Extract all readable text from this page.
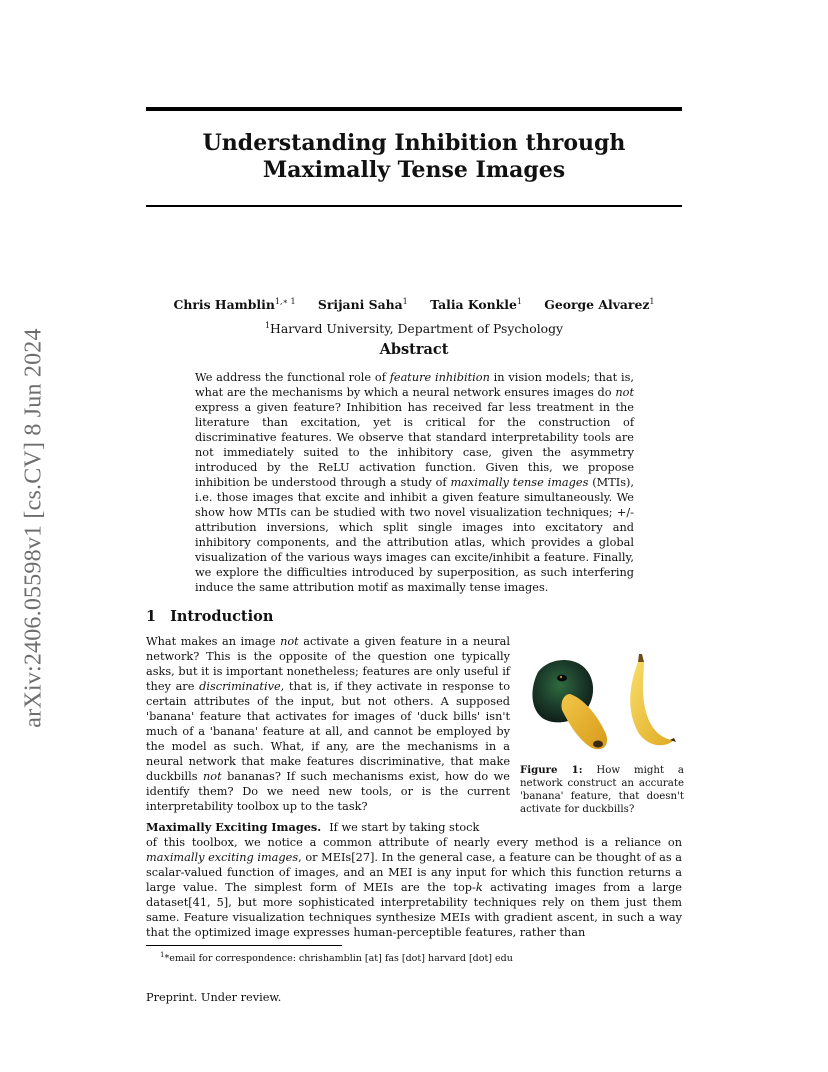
Understanding Inhibition through Maximally Tense Images
arXiv:2406.05598v1 [cs.CV] 8 Jun 2024
Chris Hamblin$^{1,∗ 1}$ Srijani Saha$^1$ Talia Konkle$^1$ George Alvarez$^1$
$^1$Harvard University, Department of Psychology
Abstract
We address the functional role of feature inhibition in vision models; that is, what are the mechanisms by which a neural network ensures images do not express a given feature? Inhibition has received far less treatment in the literature than excitation, yet is critical for the construction of discriminative features. We observe that standard interpretability tools are not immediately suited to the inhibitory case, given the asymmetry introduced by the ReLU activation function. Given this, we propose inhibition be understood through a study of maximally tense images (MTIs), i.e. those images that excite and inhibit a given feature simultaneously. We show how MTIs can be studied with two novel visualization techniques; +/- attribution inversions, which split single images into excitatory and inhibitory components, and the attribution atlas, which provides a global visualization of the various ways images can excite/inhibit a feature. Finally, we explore the difficulties introduced by superposition, as such interfering induce the same attribution motif as maximally tense images.
1 Introduction
What makes an image not activate a given feature in a neural network? This is the opposite of the question one typically asks, but it is important nonetheless; features are only useful if they are discriminative, that is, if they activate in response to certain attributes of the input, but not others. A supposed 'banana' feature that activates for images of 'duck bills' isn't much of a 'banana' feature at all, and cannot be employed by the model as such. What, if any, are the mechanisms in a neural network that make features discriminative, that make duckbills not bananas? If such mechanisms exist, how do we identify them? Do we need new tools, or is the current interpretability toolbox up to the task?
Figure 1: How might a network construct an accurate 'banana' feature, that doesn't activate for duckbills?
Maximally Exciting Images. If we start by taking stock
of this toolbox, we notice a common attribute of nearly every method is a reliance on maximally exciting images, or MEIs[27]. In the general case, a feature can be thought of as a scalar-valued function of images, and an MEI is any input for which this function returns a large value. The simplest form of MEIs are the top-k activating images from a large dataset[41, 5], but more sophisticated interpretability techniques rely on them just them same. Feature visualization techniques synthesize MEIs with gradient ascent, in such a way that the optimized image expresses human-perceptible features, rather than
$^1$*email for correspondence: chrishamblin [at] fas [dot] harvard [dot] edu
Preprint. Under review.
